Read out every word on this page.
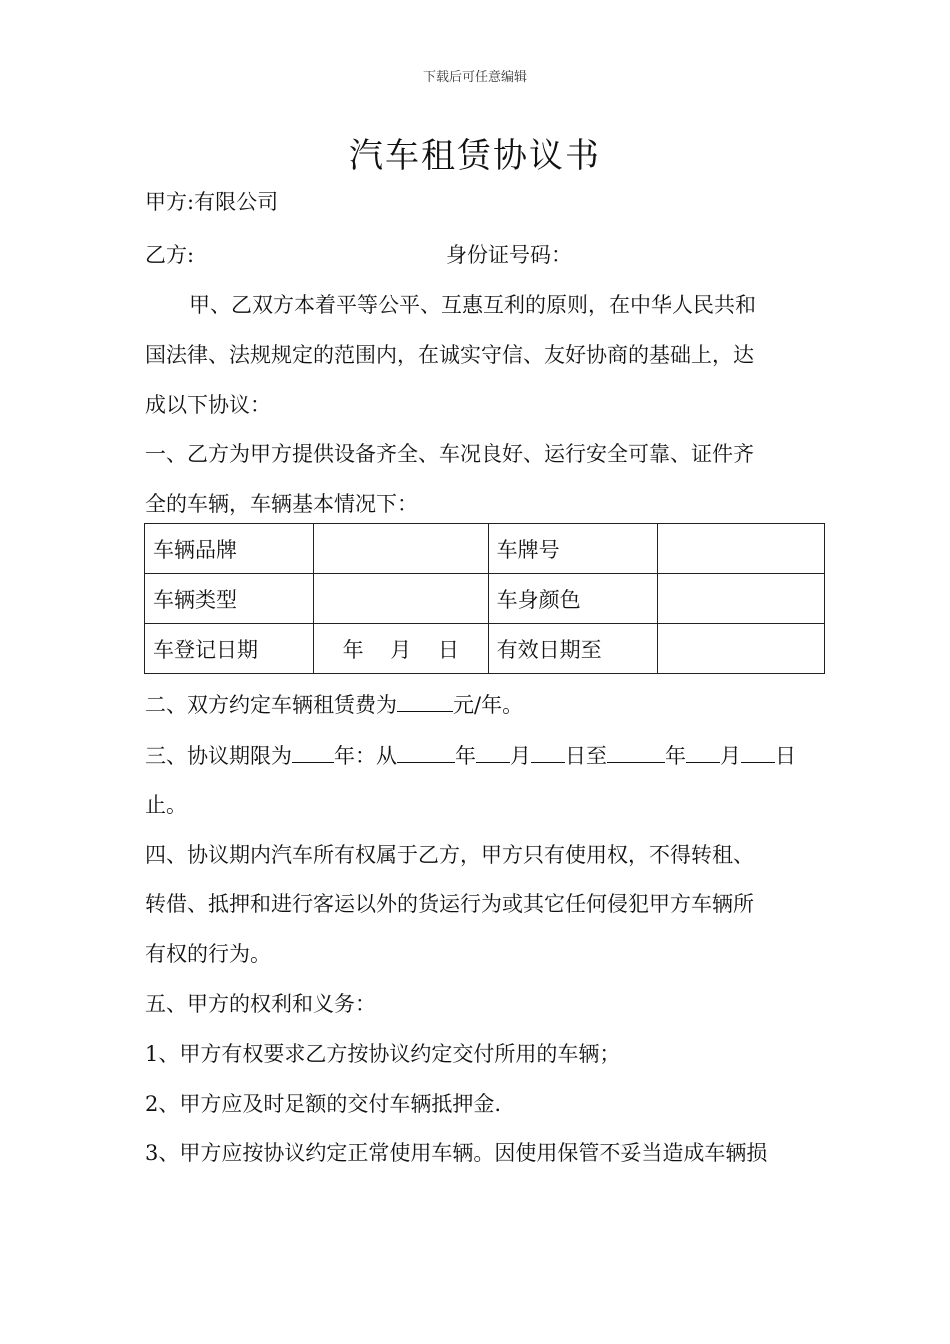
下载后可任意编辑
汽车租赁协议书
甲方:有限公司
乙方:	身份证号码：
甲、乙双方本着平等公平、互惠互利的原则，在中华人民共和
国法律、法规规定的范围内，在诚实守信、友好协商的基础上，达
成以下协议：
一、乙方为甲方提供设备齐全、车况良好、运行安全可靠、证件齐
全的车辆，车辆基本情况下：
车辆品牌		车牌号	
车辆类型		车身颜色	
车登记日期	年    月    日	有效日期至	
二、双方约定车辆租赁费为	元/年。
三、协议期限为 年：从	年 月 日至	年 月 日
止。
四、协议期内汽车所有权属于乙方，甲方只有使用权，不得转租、
转借、抵押和进行客运以外的货运行为或其它任何侵犯甲方车辆所
有权的行为。
五、甲方的权利和义务：
1、甲方有权要求乙方按协议约定交付所用的车辆；
2、甲方应及时足额的交付车辆抵押金.
3、甲方应按协议约定正常使用车辆。因使用保管不妥当造成车辆损
